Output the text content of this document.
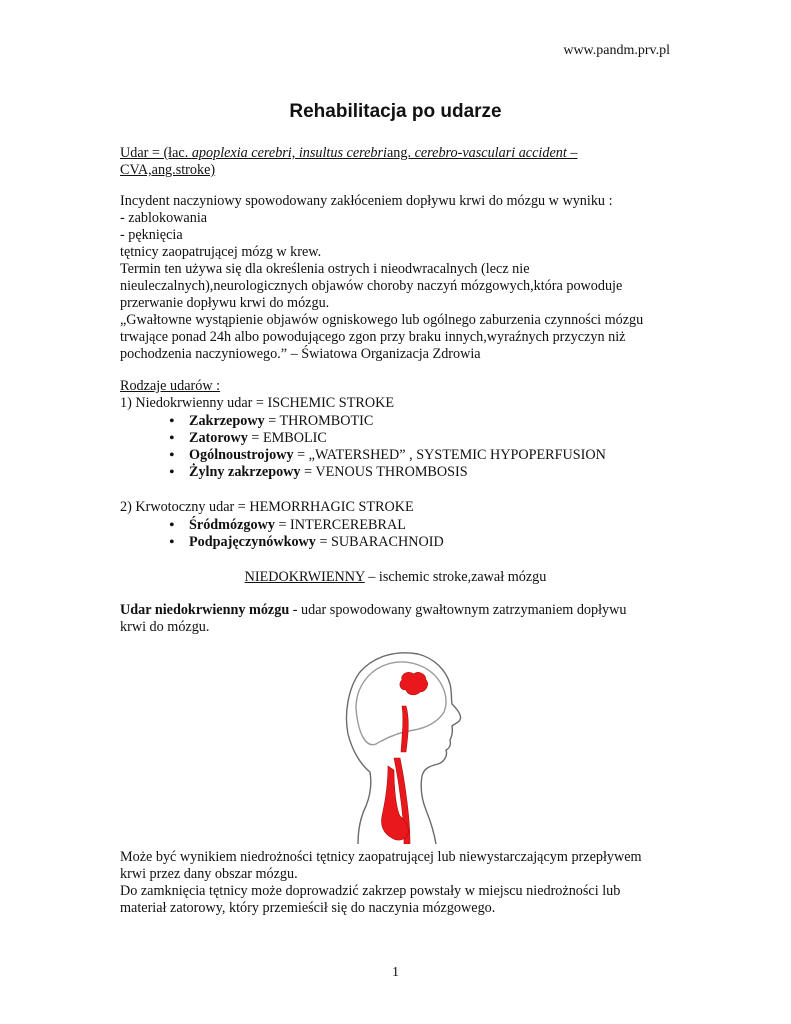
www.pandm.prv.pl
Rehabilitacja po udarze
Udar = (łac. apoplexia cerebri, insultus cerebriang. cerebro-vasculari accident –
CVA,ang.stroke)
Incydent naczyniowy spowodowany zakłóceniem dopływu krwi do mózgu w wyniku :
- zablokowania
- pęknięcia
tętnicy zaopatrującej mózg w krew.
Termin ten używa się dla określenia ostrych i nieodwracalnych (lecz nie
nieuleczalnych),neurologicznych objawów choroby naczyń mózgowych,która powoduje
przerwanie dopływu krwi do mózgu.
„Gwałtowne wystąpienie objawów ogniskowego lub ogólnego zaburzenia czynności mózgu
trwające ponad 24h albo powodującego zgon przy braku innych,wyraźnych przyczyn niż
pochodzenia naczyniowego.” – Światowa Organizacja Zdrowia
Rodzaje udarów :
1) Niedokrwienny udar = ISCHEMIC STROKE
• Zakrzepowy = THROMBOTIC
• Zatorowy = EMBOLIC
• Ogólnoustrojowy = „WATERSHED” , SYSTEMIC HYPOPERFUSION
• Żylny zakrzepowy = VENOUS THROMBOSIS
2) Krwotoczny udar = HEMORRHAGIC STROKE
• Śródmózgowy = INTERCEREBRAL
• Podpajęczynówkowy = SUBARACHNOID
NIEDOKRWIENNY – ischemic stroke,zawał mózgu
Udar niedokrwienny mózgu - udar spowodowany gwałtownym zatrzymaniem dopływu
krwi do mózgu.
Może być wynikiem niedrożności tętnicy zaopatrującej lub niewystarczającym przepływem
krwi przez dany obszar mózgu.
Do zamknięcia tętnicy może doprowadzić zakrzep powstały w miejscu niedrożności lub
materiał zatorowy, który przemieścił się do naczynia mózgowego.
1
